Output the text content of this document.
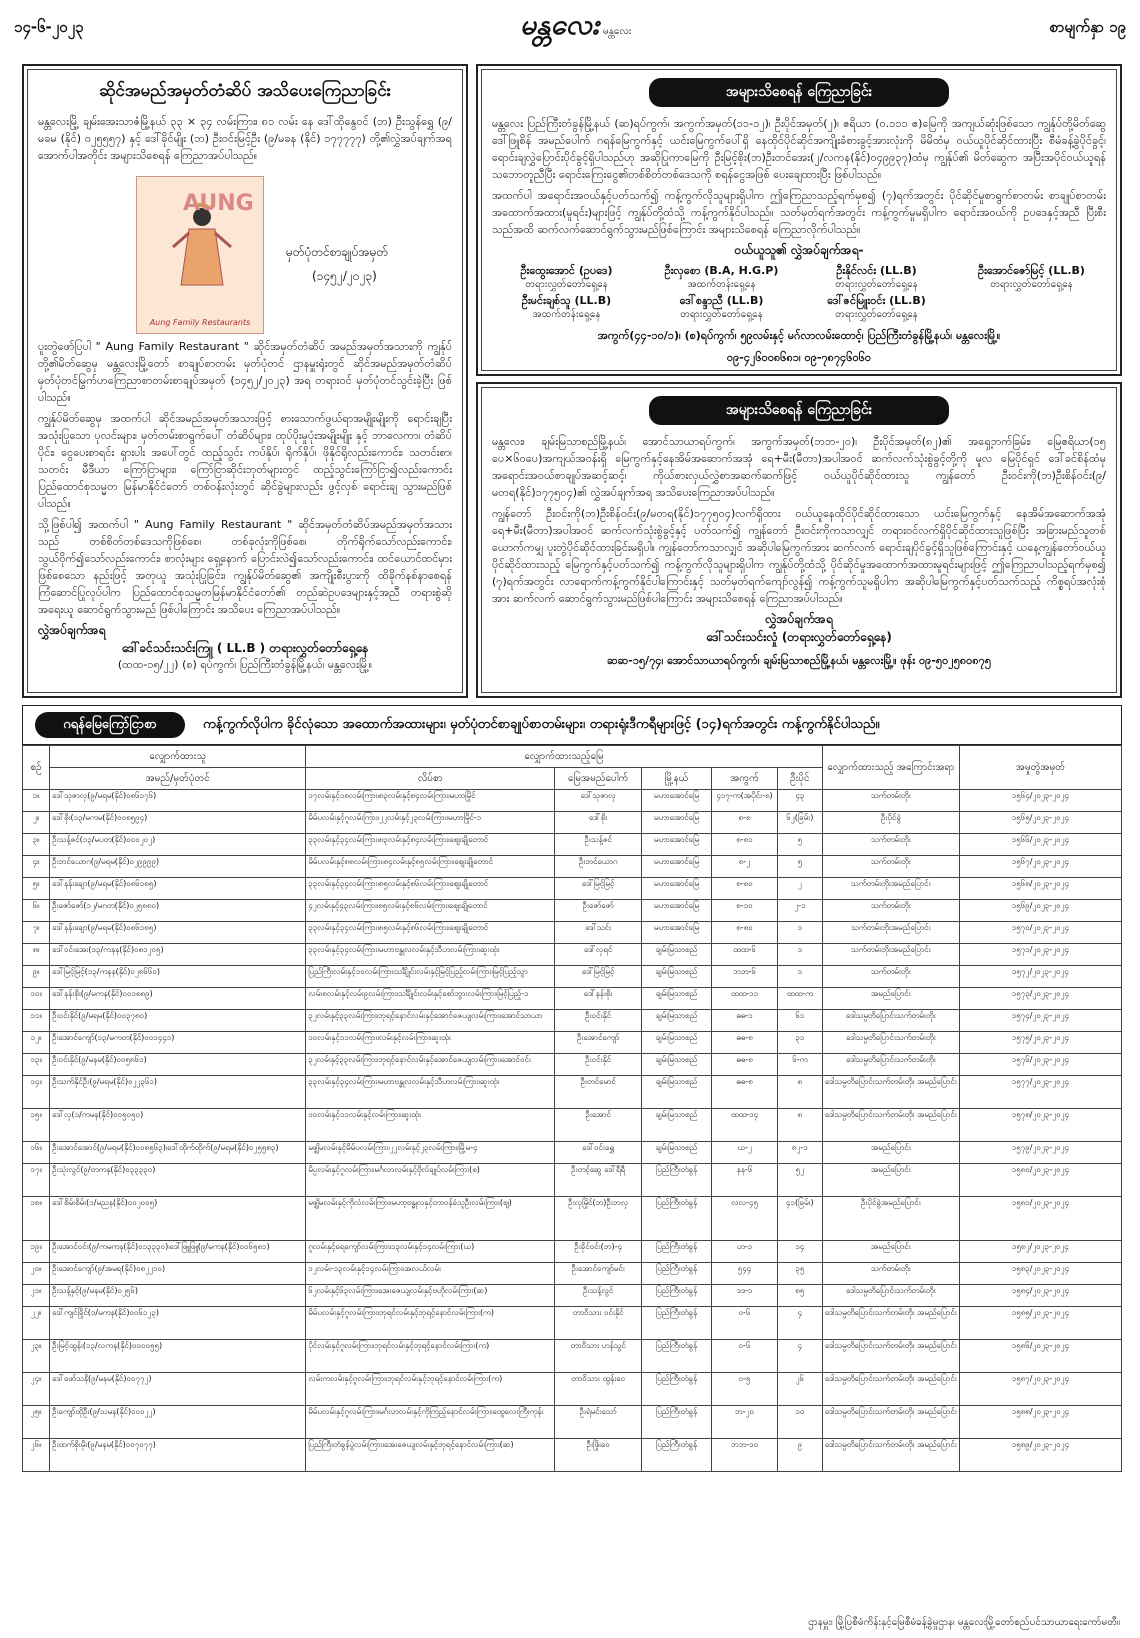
၁၄-၆-၂၀၂၃	မန္တလေး မန္တလေး	စာမျက်နှာ ၁၉
ဆိုင်အမည်အမှတ်တံဆိပ် အသိပေးကြေညာခြင်း

မန္တလေးမြို့ ချမ်းအေးသာဇံမြို့နယ် ၃၃ × ၃၄ လမ်းကြား၊ ၈၁ လမ်း နေ ဒေါ်ထိုနွေဝင် (ဘ) ဦးသွန်ရွှေ (၉/မခမ (နိုင်) ၀၂၅၅၅၇) နှင့် ဒေါ်ခိုင်မျိုး (ဘ) ဦးဝင်းမြင့်ဦး (၉/မခန (နိုင်) ၁၇၇၇၇၇) တို့၏လွှဲအပ်ချက်အရ အောက်ပါအတိုင်း အများသိစေရန် ကြေညာအပ်ပါသည်။

ပူးတွဲဖော်ပြပါ " Aung Family Restaurant " ဆိုင်အမှတ်တံဆိပ် အမည်အမှတ်အသားကို ကျွန်ုပ်တို့၏မိတ်ဆွေမှ မန္တလေးမြို့တော် စာချုပ်စာတမ်း မှတ်ပုံတင် ဌာနမှူးရုံးတွင် ဆိုင်အမည်အမှတ်တံဆိပ်မှတ်ပုံတင်မြွက်ဟကြေညာစာတမ်းစာချုပ်အမှတ် (၁၄၅၂/၂၀၂၃) အရ တရားဝင် မှတ်ပုံတင်သွင်းခဲ့ပြီး ဖြစ်ပါသည်။

ကျွန်ုပ်မိတ်ဆွေမှ အထက်ပါ ဆိုင်အမည်အမှတ်အသားဖြင့် စားသောက်ဖွယ်ရာအမျိုးမျိုးကို ရောင်းချပြီး အသုံးပြုသော ပုလင်းများ၊ မှတ်တမ်းစာရွက်ပေါ် တံဆိပ်များ၊ ထုပ်ပိုးမှုပုံးအမျိုးမျိုး နှင့် ဘာလေကာ၊ တံဆိပ်ပိုင်း၊ ငွေပေးစာရင်း ရှားပါး အပေါ်တွင် ထည့်သွင်း ကပ်နိုပ်၊ ရိုက်နှိပ်၊ ဖိုနိုင်ရိုလည်းကောင်း၊ သတင်းစာ၊ သတင်း မီဒီယာ ကြော်ငြာများ၊ ကြော်ငြာဆိုင်းဘုတ်များတွင် ထည့်သွင်းကြော်ငြာ၍လည်းကောင်း ပြည်ထောင်စုသမ္မတ မြန်မာနိုင်ငံတော် တစ်ဝန်းလုံးတွင် ဆိုင်ခွဲများလည်း ဖွင့်လှစ် ရောင်းချ သွားမည်ဖြစ်ပါသည်။

သို့ဖြစ်ပါ၍ အထက်ပါ " Aung Family Restaurant " ဆိုင်အမှတ်တံဆိပ်အမည်အမှတ်အသားသည် တစ်စိတ်တစ်ဒေသကိုဖြစ်စေ၊ တစ်ခုလုံးကိုဖြစ်စေ၊ တိုက်ရိုက်သော်လည်းကောင်း၊ သွယ်ဝိုက်၍သော်လည်းကောင်း၊ စာလုံးများ ရှေ့နောက် ပြောင်းလဲ၍သော်လည်းကောင်း၊ ထင်ယောင်ထင်မှား ဖြစ်စေသော နည်းဖြင့် အတုယူ အသုံးပြုခြင်း၊ ကျွန်ုပ်မိတ်ဆွေ၏ အကျိုးစီးပွားကို ထိခိုက်နစ်နာစေရန် ကြံဆောင်ပြုလုပ်ပါက ပြည်ထောင်စုသမ္မတမြန်မာနိုင်ငံတော်၏ တည်ဆဲဥပဒေများနှင့်အညီ တရားစွဲဆို အရေးယူ ဆောင်ရွက်သွားမည် ဖြစ်ပါကြောင်း အသိပေး ကြေညာအပ်ပါသည်။

လွှဲအပ်ချက်အရ
ဒေါ်ခင်သင်းသင်းကြူ ( LL.B ) တရားလွှတ်တော်ရှေ့နေ
(ထထ-၁၅/၂၂) (စ) ရပ်ကွက်၊ ပြည်ကြီးတံခွန်မြို့နယ်၊ မန္တလေးမြို့။
AUNG
Aung Family Restaurants
မှတ်ပုံတင်စာချုပ်အမှတ်
(၁၄၅၂/၂၀၂၃)
အများသိစေရန် ကြေညာခြင်း

မန္တလေး ပြည်ကြီးတံခွန်မြို့နယ် (ဆ)ရပ်ကွက်၊ အကွက်အမှတ်(၁၁-၁၂)၊ ဦးပိုင်အမှတ်(၂)၊ ဧရိယာ (၀.၁၁၁ ဧ)မြေကို အကျယ်ဆုံးဖြစ်သော ကျွန်ုပ်တို့မိတ်ဆွေ ဒေါ်ဖြူစိန် အမည်ပေါက် ဂရန်မြေကွက်နှင့် ယင်းမြေကွက်ပေါ်ရှိ နေထိုင်ပိုင်ဆိုင်အကျိုးခံစားခွင့်အားလုံးကို မိမိထံမှ ဝယ်ယူပိုင်ဆိုင်ထားပြီး စီမံခန့်ခွဲပိုင်ခွင့်၊ ရောင်းချလွှဲပြောင်းပိုင်ခွင့်ရှိပါသည်ဟု အဆိုပြုကာမြေကို ဦးမြင့်စိုး(ဘ)ဦးတင်အေး(၂/လကန(နိုင်)၀၄၉၉၃၇)ထံမှ ကျွန်ုပ်၏ မိတ်ဆွေက အပြီးအပိုင်ဝယ်ယူရန်သဘောတူညီပြီး ရောင်းကြေးငွေ၏တစ်စိတ်တစ်ဒေသကို စရန်ငွေအဖြစ် ပေးချေထားပြီး ဖြစ်ပါသည်။

အထက်ပါ အရောင်းအဝယ်နှင့်ပတ်သက်၍ ကန့်ကွက်လိုသူများရှိပါက ဤကြေညာသည့်ရက်မှစ၍ (၇)ရက်အတွင်း ပိုင်ဆိုင်မှုစာရွက်စာတမ်း စာချုပ်စာတမ်းအထောက်အထား(မူရင်း)များဖြင့် ကျွန်ုပ်တို့ထံသို့ ကန့်ကွက်နိုင်ပါသည်။ သတ်မှတ်ရက်အတွင်း ကန့်ကွက်မှုမရှိပါက ရောင်းအဝယ်ကို ဥပဒေနှင့်အညီ ပြီးစီးသည်အထိ ဆက်လက်ဆောင်ရွက်သွားမည်ဖြစ်ကြောင်း အများသိစေရန် ကြေညာလိုက်ပါသည်။

ဝယ်ယူသူ၏ လွှဲအပ်ချက်အရ-
ဦးထွေးအောင် (ဥပဒေ)
တရားလွှတ်တော်ရှေ့နေ
ဦးလှစော (B.A, H.G.P)
အထက်တန်းရှေ့နေ
ဦးနိုင်လင်း (LL.B)
တရားလွှတ်တော်ရှေ့နေ
ဦးအောင်ဇော်မြင့် (LL.B)
တရားလွှတ်တော်ရှေ့နေ
ဦးမင်းချစ်သူ (LL.B)
အထက်တန်းရှေ့နေ
ဒေါ်စန္ဒာညီ (LL.B)
တရားလွှတ်တော်ရှေ့နေ
ဒေါ်ဇင်မြူးဝင်း (LL.B)
တရားလွှတ်တော်ရှေ့နေ
အကွက်(၄၄-၁၀/၁)၊ (စ)ရပ်ကွက်၊ ၅၉လမ်းနှင့် မဂ်လာလမ်းထောင့်၊ ပြည်ကြီးတံခွန်မြို့နယ်၊ မန္တလေးမြို့။
၀၉-၄၂၆၀၀၈၆၈၁၊ ၀၉-၇၈၇၄၆၀၆၀
အများသိစေရန် ကြေညာခြင်း

မန္တလေး၊ ချမ်းမြသာစည်မြို့နယ်၊ အောင်သာယာရပ်ကွက်၊ အကွက်အမှတ်(ဘဘ-၂၀)၊ ဦးပိုင်အမှတ်(၈၂)၏ အရှေ့ဘက်ခြမ်း၊ မြေဧရိယာ(၁၅ ပေ×၆၀ပေ)အကျယ်အဝန်းရှိ မြေကွက်နှင့်နေအိမ်အဆောက်အအုံ ရေ+မီး(မီတာ)အပါအဝင် ဆက်လက်သုံးစွဲခွင့်တို့ကို မူလ မြေပိုင်ရှင် ဒေါ်ခင်စိန်ထံမှ အရောင်းအဝယ်စာချုပ်အဆင့်ဆင့်၊ ကိုယ်စားလှယ်လွှဲစာအဆက်ဆက်ဖြင့် ဝယ်ယူပိုင်ဆိုင်ထားသူ ကျွန်တော် ဦးဝင်းကို(ဘ)ဦးစိန်ဝင်း(၉/မတရ(နိုင်)၁၇၇၅၀၄)၏ လွှဲအပ်ချက်အရ အသိပေးကြေညာအပ်ပါသည်။

ကျွန်တော် ဦးဝင်းကို(ဘ)ဦးစိန်ဝင်း(၉/မတရ(နိုင်)၁၇၇၅၀၄)လက်ရှိထား ဝယ်ယူနေထိုင်ပိုင်ဆိုင်ထားသော ယင်းမြေကွက်နှင့် နေအိမ်အဆောက်အအုံ ရေ+မီး(မီတာ)အပါအဝင် ဆက်လက်သုံးစွဲခွင့်နှင့် ပတ်သက်၍ ကျွန်တော် ဦးဝင်းကိုကသာလျှင် တရားဝင်လက်ရှိပိုင်ဆိုင်ထားသူဖြစ်ပြီး အခြားမည်သူတစ်ယောက်ကမျှ ပူးတွဲပိုင်ဆိုင်ထားခြင်းမရှိပါ။ ကျွန်တော်ကသာလျှင် အဆိုပါမြေကွက်အား ဆက်လက် ရောင်းချပိုင်ခွင့်ရှိသူဖြစ်ကြောင်းနှင့် ယနေ့ကျွန်တော်ဝယ်ယူပိုင်ဆိုင်ထားသည့် မြေကွက်နှင့်ပတ်သက်၍ ကန့်ကွက်လိုသူများရှိပါက ကျွန်ုပ်တို့ထံသို့ ပိုင်ဆိုင်မှုအထောက်အထားမူရင်းများဖြင့် ဤကြေညာပါသည့်ရက်မှစ၍ (၇)ရက်အတွင်း လာရောက်ကန့်ကွက်နိုင်ပါကြောင်းနှင့် သတ်မှတ်ရက်ကျော်လွန်၍ ကန့်ကွက်သူမရှိပါက အဆိုပါမြေကွက်နှင့်ပတ်သက်သည့် ကိစ္စရပ်အလုံးစုံအား ဆက်လက် ဆောင်ရွက်သွားမည်ဖြစ်ပါကြောင်း အများသိစေရန် ကြေညာအပ်ပါသည်။

လွှဲအပ်ချက်အရ
ဒေါ်သင်းသင်းလှုံ (တရားလွှတ်တော်ရှေ့နေ)
ဆဆ-၁၅/၇၄၊ အောင်သာယာရပ်ကွက်၊ ချမ်းမြသာစည်မြို့နယ်၊ မန္တလေးမြို့။ ဖုန်း ၀၉-၅၀၂၅၈၀၈၇၅
ဂရန်မြေကြော်ငြာစာ	ကန့်ကွက်လိုပါက ခိုင်လုံသော အထောက်အထားများ၊ မှတ်ပုံတင်စာချုပ်စာတမ်းများ၊ တရားရုံးဒီကရီများဖြင့် (၁၄)ရက်အတွင်း ကန့်ကွက်နိုင်ပါသည်။
စဉ်	လျှောက်ထားသူ	လျှောက်ထားသည့်မြေ					လျှောက်ထားသည့် အကြောင်းအရာ	အမှုတွဲအမှတ်
	အမည်/မှတ်ပုံတင်	လိပ်စာ	မြေအမည်ပေါက်	မြို့နယ်	အကွက်	ဦးပိုင်		
၁။	ဒေါ်သုဇာလှ(၉/မရမ(နိုင်)၀၈၆၁၇၆)	၁၇လမ်းနှင့်၁၈လမ်းကြား၊၈၃လမ်းနှင့်၈၄လမ်းကြား၊မဟာမြိုင်	ဒေါ်သုဇာလှ	မဟာအောင်မြေ	၄၁၇-က(အပိုင်း-၈)	၄၃	သက်တမ်းတိုး	၁၅၆၄/၂၀၂၃-၂၀၂၄
၂။	ဒေါ်စိုး(၁၃/မကမ(နိုင်)၀၀၈၅၉၄)	မိမ်ပလမ်းနှင့်ဂူလမ်းကြား၊၂၂လမ်းနှင့်၂၃လမ်းကြား၊မဟာမြိုင်-၁	ဒေါ်စိုး	မဟာအောင်မြေ	၈-၈	၆၂(ခြမ်း)	ဦးပိုင်ခွဲ	၁၅၆၅/၂၀၂၃-၂၀၂၄
၃။	ဦးသန့်ဇင်(၁၃/မပတ(နိုင်)၀၀၀၂၀၂)	၃၃လမ်းနှင့်၃၄လမ်းကြား၊၈၃လမ်းနှင့်၈၄လမ်းကြား၊ဈေးချိုတောင်	ဦးသန့်ဇင်	မဟာအောင်မြေ	၈-၈၁	၅	သက်တမ်းတိုး	၁၅၆၆/၂၀၂၃-၂၀၂၄
၄။	ဦးဘင်ယောဂ(၉/မရမ(နိုင်)၀၂၉၉၉၉)	မိမ်ပလမ်းနှင့်၈၈လမ်းကြား၊၈၄လမ်းနှင့်၈၅လမ်းကြား၊ဈေးချိုတောင်	ဦးဘင်ယောဂ	မဟာအောင်မြေ	၈-၂	၅	သက်တမ်းတိုး	၁၅၆၇/၂၀၂၃-၂၀၂၄
၅။	ဒေါ်နန်းချော(၉/မရမ(နိုင်)၀၈၆၁၈၅)	၃၃လမ်းနှင့်၃၄လမ်းကြား၊၈၅လမ်းနှင့်၈၆လမ်းကြား၊ဈေးချိုတောင်	ဒေါ်မြင့်မြင့်	မဟာအောင်မြေ	၈-၈၀	၂	သက်တမ်းတိုးအမည်ပြောင်း	၁၅၆၈/၂၀၂၃-၂၀၂၄
၆။	ဦးဇော်ဇော်(၁၂/မဂတ(နိုင်)၀၂၅၈၈၀)	၄၂လမ်းနှင့်၄၃လမ်းကြား၊၈၅လမ်းနှင့်၈၆လမ်းကြား၊ဈေးချိုတောင်	ဦးဇော်ဇော်	မဟာအောင်မြေ	၈-၁၀	၂-၁	သက်တမ်းတိုး	၁၅၆၉/၂၀၂၃-၂၀၂၄
၇။	ဒေါ်နန်းချော(၉/မရမ(နိုင်)၀၈၆၁၈၅)	၃၃လမ်းနှင့်၃၄လမ်းကြား၊၈၅လမ်းနှင့်၈၆လမ်းကြား၊ဈေးချိုတောင်	ဒေါ်သင်း	မဟာအောင်မြေ	၈-၈၀	၁	သက်တမ်းတိုးအမည်ပြောင်း	၁၅၇၀/၂၀၂၃-၂၀၂၄
၈။	ဒေါ်ဝင်းအေး(၁၃/ကနန(နိုင်)၀၈၁၂၀၅)	၃၃လမ်းနှင့်၃၄လမ်းကြား၊မဟာဗန္ဓုလလမ်းနှင့်သီဟလမ်းကြား၊ဆူးထုံး	ဒေါ်လှရင်	ချမ်းမြသာစည်	ထထ-၆	၁	သက်တမ်းတိုးအမည်ပြောင်း	၁၅၇၁/၂၀၂၃-၂၀၂၄
၉။	ဒေါ်မြင့်မြင့်(၁၃/ကနန(နိုင်)၀၂၈၆၆၀)	ပြည်ကြီးလမ်းနှင့်၁၀လမ်းကြား၊သင်္ချိုင်းလမ်းနှင့်မြင့်ပြည့်လမ်းကြား၊မြင့်ပြည့်သွာ	ဒေါ်မြင့်မြင့်	ချမ်းမြသာစည်	ဘဘ-၆	၁	သက်တမ်းတိုး	၁၅၇၂/၂၀၂၃-၂၀၂၄
၁၀။	ဒေါ်နန်းစိုး(၉/မကန(နိုင်)၀၀၁၈၈၉)	လမ်း၈လမ်းနှင့်လမ်း၉လမ်းကြား၊သင်္ချိုင်းလမ်းနှင့်စော်ဘွားလမ်းကြား၊မြင့်ပြည့်-၁	ဒေါ်နန်းစိုး	ချမ်းမြသာစည်	ထထ-၁၁	ထထ-က	အမည်ပြောင်း	၁၅၇၃/၂၀၂၃-၂၀၂၄
၁၁။	ဦးဝင်းနိုင်(၉/မရမ(နိုင်)၀၀၃၇၈၀)	၃၂လမ်းနှင့်၃၃လမ်းကြား၊ဘုရင့်နောင်လမ်းနှင့်အောင်ဇေယျလမ်းကြား၊အောင်သာယာ	ဦးဝင်းနိုင်	ချမ်းမြသာစည်	ဓဓ-၁	၆၁	ဒေါသမ္ပတိပြောင်းသက်တမ်းတိုး	၁၅၇၄/၂၀၂၃-၂၀၂၄
၁၂။	ဦးအောင်ကျော်(၁၃/မကတ(နိုင်)၀၀၁၄၄၁)	၁၀လမ်းနှင့်၁၁လမ်းကြား၊လမ်းနှင့်လမ်းကြား၊ဆူးထုံး	ဦးအောင်ကျော်	ချမ်းမြသာစည်	ဓဓ-၈	၃၁	ဒေါသမ္ပတိပြောင်းသက်တမ်းတိုး	၁၅၇၅/၂၀၂၃-၂၀၂၄
၁၃။	ဦးဝင်းနိုင်(၉/မနမ(နိုင်)၀၀၅၈၆၁)	၃၂လမ်းနှင့်၃၃လမ်းကြား၊ဘုရင့်နောင်လမ်းနှင့်အောင်ဇေယျလမ်းကြား၊အောင်ဝင်း	ဦးဝင်းနိုင်	ချမ်းမြသာစည်	ဓဓ-၈	၆-က	ဒေါသမ္ပတိပြောင်းသက်တမ်းတိုး	၁၅၇၆/၂၀၂၃-၂၀၂၄
၁၄။	ဦးသက်နိုင်ဦး(၉/မရမ(နိုင်)၀၂၂၃၆၁)	၃၃လမ်းနှင့်၃၄လမ်းကြား၊မဟာဗန္ဓုလလမ်းနှင့်သီဟလမ်းကြား၊ဆူးထုံး	ဦးတင်မောင်	ချမ်းမြသာစည်	ဓဓ-၈	၈	ဒေါသမ္ပတိပြောင်းသက်တမ်းတိုး အမည်ပြောင်း	၁၅၇၇/၂၀၂၃-၂၀၂၄
၁၅။	ဒေါ်လှ(၁/ကမန(နိုင်)၀၀၅၀၅၀)	၁၀လမ်းနှင့်၁၁လမ်းနှင့်လမ်းကြား၊ဆူးထုံး	ဦးအောင်	ချမ်းမြသာစည်	ထထ-၁၄	၈	ဒေါသမ္ပတိပြောင်းသက်တမ်းတိုး အမည်ပြောင်း	၁၅၇၈/၂၀၂၃-၂၀၂၄
၁၆။	ဦးအောင်အောင်(၉/မရမ(နိုင်)၀၀၈၅၆၃)၊ဒေါ်ထိုက်ထိုက်(၉/မရမ(နိုင်)၀၂၅၅၈၃)	မဇ္ဈိမလမ်းနှင့်မိမ်ပလမ်းကြား၊၂၂လမ်းနှင့်၂၃လမ်းကြား၊မြို့မ-၄	ဒေါ်ဝင်းရွှေ	ချမ်းမြသာစည်	ဃ-၂	၈၂-၁	အမည်ပြောင်း	၁၅၇၉/၂၀၂၃-၂၀၂၄
၁၇။	ဦးသုံးလွင်(၉/တကန(နိုင်)၀၃၃၃၃၀)	မိပ္ပလမ်းနှင့်ဂူလမ်းကြား၊မင်္ဂလာလမ်းနှင့်ဗိုလ်ချုပ်လမ်းကြား(စ)	ဦးတင့်ဆွေ ဒေါ်ရီရီ	ပြည်ကြီးတံခွန်	နန-၆	၅၂	အမည်ပြောင်း	၁၅၈၀/၂၀၂၃-၂၀၂၄
၁၈။	ဒေါ်စိမ်းစိမ်း(၁/မညန(နိုင်)၀၀၂၀၀၅)	မဇ္ဈိမလမ်းနှင့်ကိုလံလမ်းကြား၊မဟာ့ဗန္ဓုလနှင့်တာဝန်ခံသူဦးလမ်းကြား(ဈ)	ဦးလှမြိုင်(ဘ)ဦးဘလှ	ပြည်ကြီးတံခွန်	လလ-၄၅	၄၁(ခြမ်း)	ဦးပိုင်ခွဲအမည်ပြောင်း	၁၅၈၁/၂၀၂၃-၂၀၂၄
၁၉။	ဦးအောင်ဝင်း(၉/ကမကန(နိုင်)၀၁၃၃၃၀)၊ဒေါ်ဖြူဖြူ(၉/မကန(နိုင်)၀၀၆၅၈၁)	ဂူလမ်းနှင့်ရေကျော်လမ်းကြား၊၁၃လမ်းနှင့်၁၄လမ်းကြား(ဃ)	ဦးခိုင်ဝင်း(ဘ)-၄	ပြည်ကြီးတံခွန်	ဟ-၁	၁၄	အမည်ပြောင်း	၁၅၈၂/၂၀၂၃-၂၀၂၄
၂၀။	ဦးအောင်ကျော်(၉/အမရ(နိုင်)၀၈၂၂၁၀)	၁၂လမ်း-၁၃လမ်းနှင့်၁၄လမ်းကြား၊အလယ်လမ်း	ဦးအောင်ကျော်မင်း	ပြည်ကြီးတံခွန်	၅၄၄	၃၅	သက်တမ်းတိုး	၁၅၈၃/၂၀၂၃-၂၀၂၄
၂၁။	ဦးသန့်နှင့်(၉/မနမ(နိုင်)၀၂၅၆)	၆၂လမ်းနှင့်၆၃လမ်းကြား၊အေးဇေယျလမ်းနှင့်ဗဟိုလမ်းကြား(ဆ)	ဦးသန့်လွင်	ပြည်ကြီးတံခွန်	ဒဒ-၁	၈၅	ဒေါသမ္ပတိပြောင်းသက်တမ်းတိုး	၁၅၈၄/၂၀၂၃-၂၀၂၄
၂၂။	ဒေါ်ကျင်ခြိုင်(၁/မကန(နိုင်)၀၀၆၁၂၃)	မိမ်ပလမ်းနှင့်ဂူလမ်းကြား၊ဘုရင်လမ်းနှင့်ဘုရင့်နောင်လမ်းကြား(က)	တာဝိသား ဝင်းနိုင်	ပြည်ကြီးတံခွန်	ဝ-၆	၄	ဒေါသမ္ပတိပြောင်းသက်တမ်းတိုး အမည်ပြောင်း	၁၅၈၅/၂၀၂၃-၂၀၂၄
၂၃။	ဦးမြင့်ထွန်း(၁၃/လကန(နိုင်)၀၀၀၀၅၅)	ပိုင်လမ်းနှင့်ဂူလမ်းကြား၊ဘုရင်လမ်းနှင့်ဘုရင့်နောင်လမ်းကြား(က)	တာဝိသား ဟန်သွင်	ပြည်ကြီးတံခွန်	ဝ-၆	၄	ဒေါသမ္ပတိပြောင်းသက်တမ်းတိုး အမည်ပြောင်း	၁၅၈၆/၂၀၂၃-၂၀၂၄
၂၄။	ဒေါ်ဖော်သနိ(၉/မနမ(နိုင်)၀၀၇၇၂)	လမ်းကလမ်းနှင့်ဂူလမ်းကြား၊ဘုရင်လမ်းနှင့်ဘုရင့်နောင်လမ်းကြား(က)	တာဝိသား ထွန်းဝေ	ပြည်ကြီးတံခွန်	ဝ-၅	၂၆	ဒေါသမ္ပတိပြောင်းသက်တမ်းတိုး အမည်ပြောင်း	၁၅၈၇/၂၀၂၃-၂၀၂၄
၂၅။	ဦးကျော်ထိုဦး(၉/သမန(နိုင်)၀၀၀၂၂)	မိမ်ပလမ်းနှင့်ဂူလမ်းကြား၊မင်္ဂလာလမ်းနှင့်ကိုကြည့်နောင်လမ်းကြား၊ထွေလေးကြီးကုန်း	ဦးရဲမင်းသော်	ပြည်ကြီးတံခွန်	ဘ-၂၀	၁၀	ဒေါသမ္ပတိပြောင်းသက်တမ်းတိုး အမည်ပြောင်း	၁၅၈၈/၂၀၂၃-၂၀၂၄
၂၆။	ဦးထက်စိုးမိုး(၉/မနမ(နိုင်)၀၀၇၀၇၇)	ပြည်ကြီးတံခွန်ပွဲလမ်းကြား၊အေးဇေယျလမ်းနှင့်ဘုရင့်နောင်လမ်းကြား(ဆ)	ဦးဖြိုးဝေ	ပြည်ကြီးတံခွန်	ဘဘ-၁၀	၉	ဒေါသမ္ပတိပြောင်းသက်တမ်းတိုး အမည်ပြောင်း	၁၅၈၉/၂၀၂၃-၂၀၂၄
ဌာနမှူး၊ မြို့ပြစီမံကိန်းနှင့်မြေစီမံခန့်ခွဲမှုဌာန၊ မန္တလေးမြို့တော်စည်ပင်သာယာရေးကော်မတီ။
